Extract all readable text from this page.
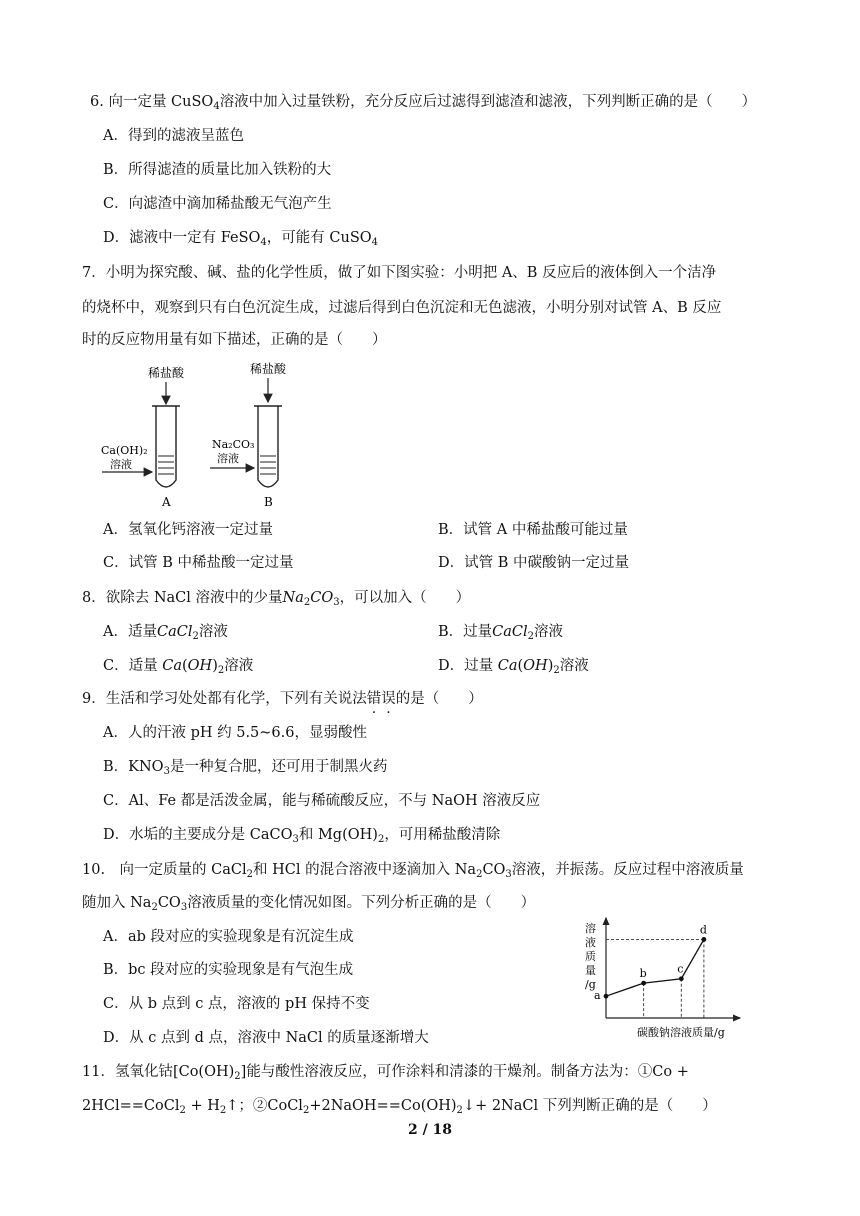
6. 向一定量 CuSO$_4$溶液中加入过量铁粉，充分反应后过滤得到滤渣和滤液，下列判断正确的是（　　）
A．得到的滤液呈蓝色
B．所得滤渣的质量比加入铁粉的大
C．向滤渣中滴加稀盐酸无气泡产生
D．滤液中一定有 FeSO$_4$，可能有 CuSO$_4$
7．小明为探究酸、碱、盐的化学性质，做了如下图实验：小明把 A、B 反应后的液体倒入一个洁净
的烧杯中，观察到只有白色沉淀生成，过滤后得到白色沉淀和无色滤液，小明分别对试管 A、B 反应
时的反应物用量有如下描述，正确的是（　　）
稀盐酸	稀盐酸
Ca(OH)₂
溶液
Na₂CO₃
溶液
A	B
A．氢氧化钙溶液一定过量	B．试管 A 中稀盐酸可能过量
C．试管 B 中稀盐酸一定过量	D．试管 B 中碳酸钠一定过量
8．欲除去 NaCl 溶液中的少量$Na_2CO_3$，可以加入（　　）
A．适量CaCl$_2$溶液	B．过量CaCl$_2$溶液
C．适量 $Ca(OH)_2$溶液	D．过量 $Ca(OH)_2$溶液
9．生活和学习处处都有化学，下列有关说法错误的是（　　）
A．人的汗液 pH 约 5.5~6.6，显弱酸性
B．$KNO_3$是一种复合肥，还可用于制黑火药
C．Al、Fe 都是活泼金属，能与稀硫酸反应，不与 NaOH 溶液反应
D．水垢的主要成分是 CaCO$_3$和 $Mg(OH)_2$，可用稀盐酸清除
10.　向一定质量的 CaCl$_2$和 HCl 的混合溶液中逐滴加入 $Na_2CO_3$溶液，并振荡。反应过程中溶液质量
随加入 $Na_2CO_3$溶液质量的变化情况如图。下列分析正确的是（　　）
A．ab 段对应的实验现象是有沉淀生成
B．bc 段对应的实验现象是有气泡生成
C．从 b 点到 c 点，溶液的 pH 保持不变
D．从 c 点到 d 点，溶液中 NaCl 的质量逐渐增大
溶
液
质
量
/g
碳酸钠溶液质量/g
a
b	c
d
11．氢氧化钴$[Co(OH)_2]$能与酸性溶液反应，可作涂料和清漆的干燥剂。制备方法为：①Co +
2HCl==CoCl$_2$ + $H_2↑$；$②CoCl_2+2NaOH==Co(OH)_2↓+$ 2NaCl 下列判断正确的是（　　）
2 / 18
